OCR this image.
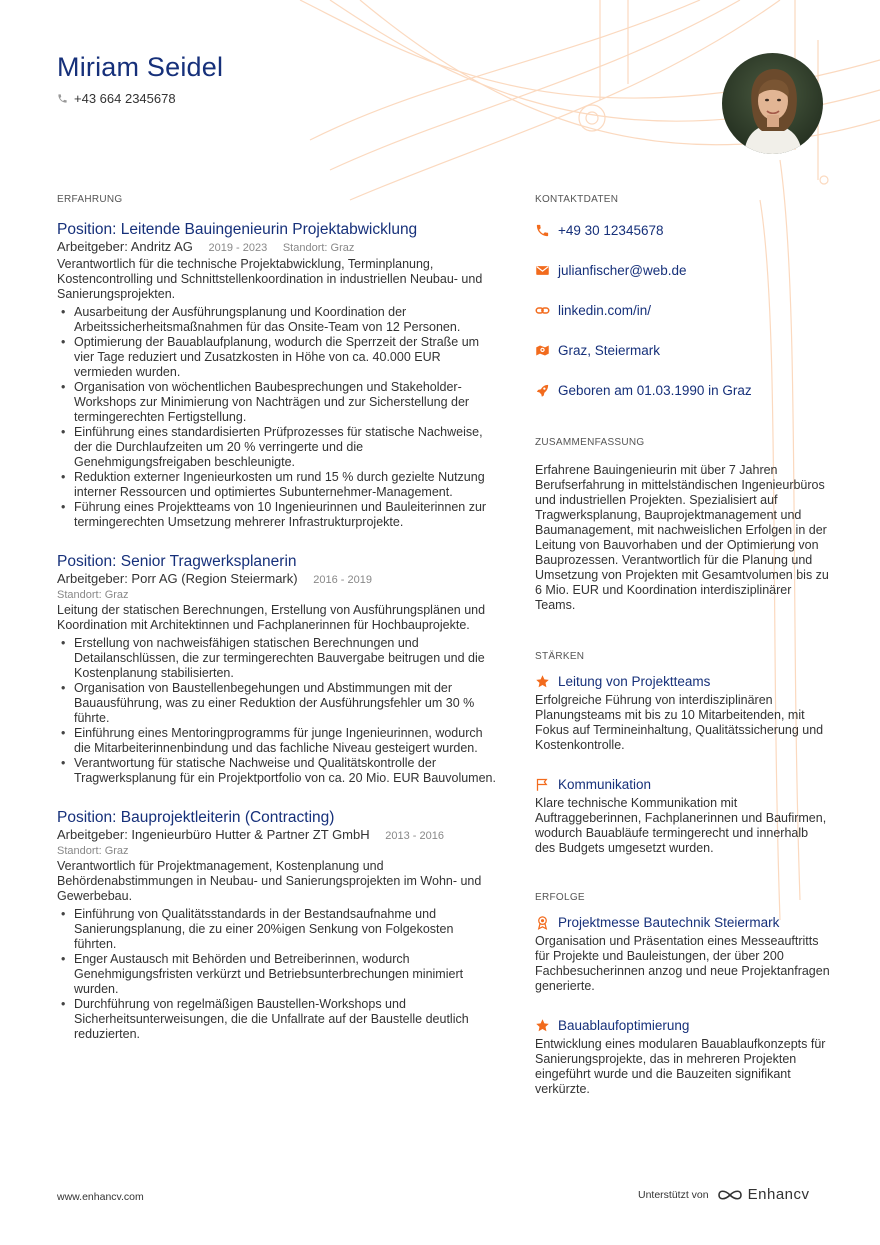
Miriam Seidel
+43 664 2345678
ERFAHRUNG
Position: Leitende Bauingenieurin Projektabwicklung
Arbeitgeber: Andritz AG 2019 - 2023 Standort: Graz
Verantwortlich für die technische Projektabwicklung, Terminplanung, Kostencontrolling und Schnittstellenkoordination in industriellen Neubau- und Sanierungsprojekten.
• Ausarbeitung der Ausführungsplanung und Koordination der Arbeitssicherheitsmaßnahmen für das Onsite-Team von 12 Personen.
• Optimierung der Bauablaufplanung, wodurch die Sperrzeit der Straße um vier Tage reduziert und Zusatzkosten in Höhe von ca. 40.000 EUR vermieden wurden.
• Organisation von wöchentlichen Baubesprechungen und Stakeholder-Workshops zur Minimierung von Nachträgen und zur Sicherstellung der termingerechten Fertigstellung.
• Einführung eines standardisierten Prüfprozesses für statische Nachweise, der die Durchlaufzeiten um 20 % verringerte und die Genehmigungsfreigaben beschleunigte.
• Reduktion externer Ingenieurkosten um rund 15 % durch gezielte Nutzung interner Ressourcen und optimiertes Subunternehmer-Management.
• Führung eines Projektteams von 10 Ingenieurinnen und Bauleiterinnen zur termingerechten Umsetzung mehrerer Infrastrukturprojekte.
Position: Senior Tragwerksplanerin
Arbeitgeber: Porr AG (Region Steiermark) 2016 - 2019
Standort: Graz
Leitung der statischen Berechnungen, Erstellung von Ausführungsplänen und Koordination mit Architektinnen und Fachplanerinnen für Hochbauprojekte.
• Erstellung von nachweisfähigen statischen Berechnungen und Detailanschlüssen, die zur termingerechten Bauvergabe beitrugen und die Kostenplanung stabilisierten.
• Organisation von Baustellenbegehungen und Abstimmungen mit der Bauausführung, was zu einer Reduktion der Ausführungsfehler um 30 % führte.
• Einführung eines Mentoringprogramms für junge Ingenieurinnen, wodurch die Mitarbeiterinnenbindung und das fachliche Niveau gesteigert wurden.
• Verantwortung für statische Nachweise und Qualitätskontrolle der Tragwerksplanung für ein Projektportfolio von ca. 20 Mio. EUR Bauvolumen.
Position: Bauprojektleiterin (Contracting)
Arbeitgeber: Ingenieurbüro Hutter & Partner ZT GmbH 2013 - 2016
Standort: Graz
Verantwortlich für Projektmanagement, Kostenplanung und Behördenabstimmungen in Neubau- und Sanierungsprojekten im Wohn- und Gewerbebau.
• Einführung von Qualitätsstandards in der Bestandsaufnahme und Sanierungsplanung, die zu einer 20%igen Senkung von Folgekosten führten.
• Enger Austausch mit Behörden und Betreiberinnen, wodurch Genehmigungsfristen verkürzt und Betriebsunterbrechungen minimiert wurden.
• Durchführung von regelmäßigen Baustellen-Workshops und Sicherheitsunterweisungen, die die Unfallrate auf der Baustelle deutlich reduzierten.
KONTAKTDATEN
+49 30 12345678
julianfischer@web.de
linkedin.com/in/
Graz, Steiermark
Geboren am 01.03.1990 in Graz
ZUSAMMENFASSUNG
Erfahrene Bauingenieurin mit über 7 Jahren Berufserfahrung in mittelständischen Ingenieurbüros und industriellen Projekten. Spezialisiert auf Tragwerksplanung, Bauprojektmanagement und Baumanagement, mit nachweislichen Erfolgen in der Leitung von Bauvorhaben und der Optimierung von Bauprozessen. Verantwortlich für die Planung und Umsetzung von Projekten mit Gesamtvolumen bis zu 6 Mio. EUR und Koordination interdisziplinärer Teams.
STÄRKEN
Leitung von Projektteams
Erfolgreiche Führung von interdisziplinären Planungsteams mit bis zu 10 Mitarbeitenden, mit Fokus auf Termineinhaltung, Qualitätssicherung und Kostenkontrolle.
Kommunikation
Klare technische Kommunikation mit Auftraggeberinnen, Fachplanerinnen und Baufirmen, wodurch Bauabläufe termingerecht und innerhalb des Budgets umgesetzt wurden.
ERFOLGE
Projektmesse Bautechnik Steiermark
Organisation und Präsentation eines Messeauftritts für Projekte und Bauleistungen, der über 200 Fachbesucherinnen anzog und neue Projektanfragen generierte.
Bauablaufoptimierung
Entwicklung eines modularen Bauablaufkonzepts für Sanierungsprojekte, das in mehreren Projekten eingeführt wurde und die Bauzeiten signifikant verkürzte.
www.enhancv.com	Unterstützt von	Enhancv
